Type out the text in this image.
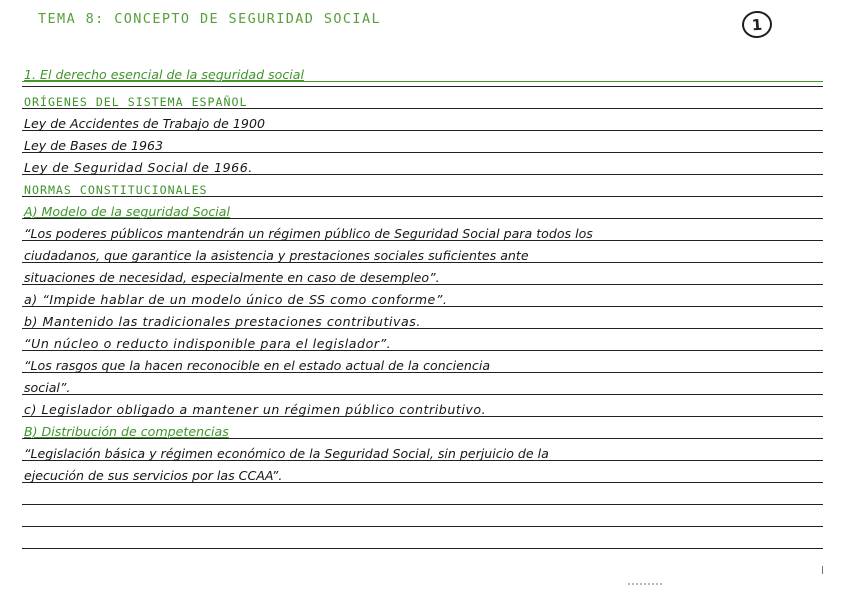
TEMA 8: CONCEPTO DE SEGURIDAD SOCIAL	1
1. El derecho esencial de la seguridad social
ORÍGENES DEL SISTEMA ESPAÑOL
Ley de Accidentes de Trabajo de 1900
Ley de Bases de 1963
Ley de Seguridad Social de 1966.
NORMAS CONSTITUCIONALES
A) Modelo de la seguridad Social
“Los poderes públicos mantendrán un régimen público de Seguridad Social para todos los
ciudadanos, que garantice la asistencia y prestaciones sociales suficientes ante
situaciones de necesidad, especialmente en caso de desempleo”.
a) “Impide hablar de un modelo único de SS como conforme”.
b) Mantenido las tradicionales prestaciones contributivas.
“Un núcleo o reducto indisponible para el legislador”.
“Los rasgos que la hacen reconocible en el estado actual de la conciencia
social”.
c) Legislador obligado a mantener un régimen público contributivo.
B) Distribución de competencias
“Legislación básica y régimen económico de la Seguridad Social, sin perjuicio de la
ejecución de sus servicios por las CCAA”.
